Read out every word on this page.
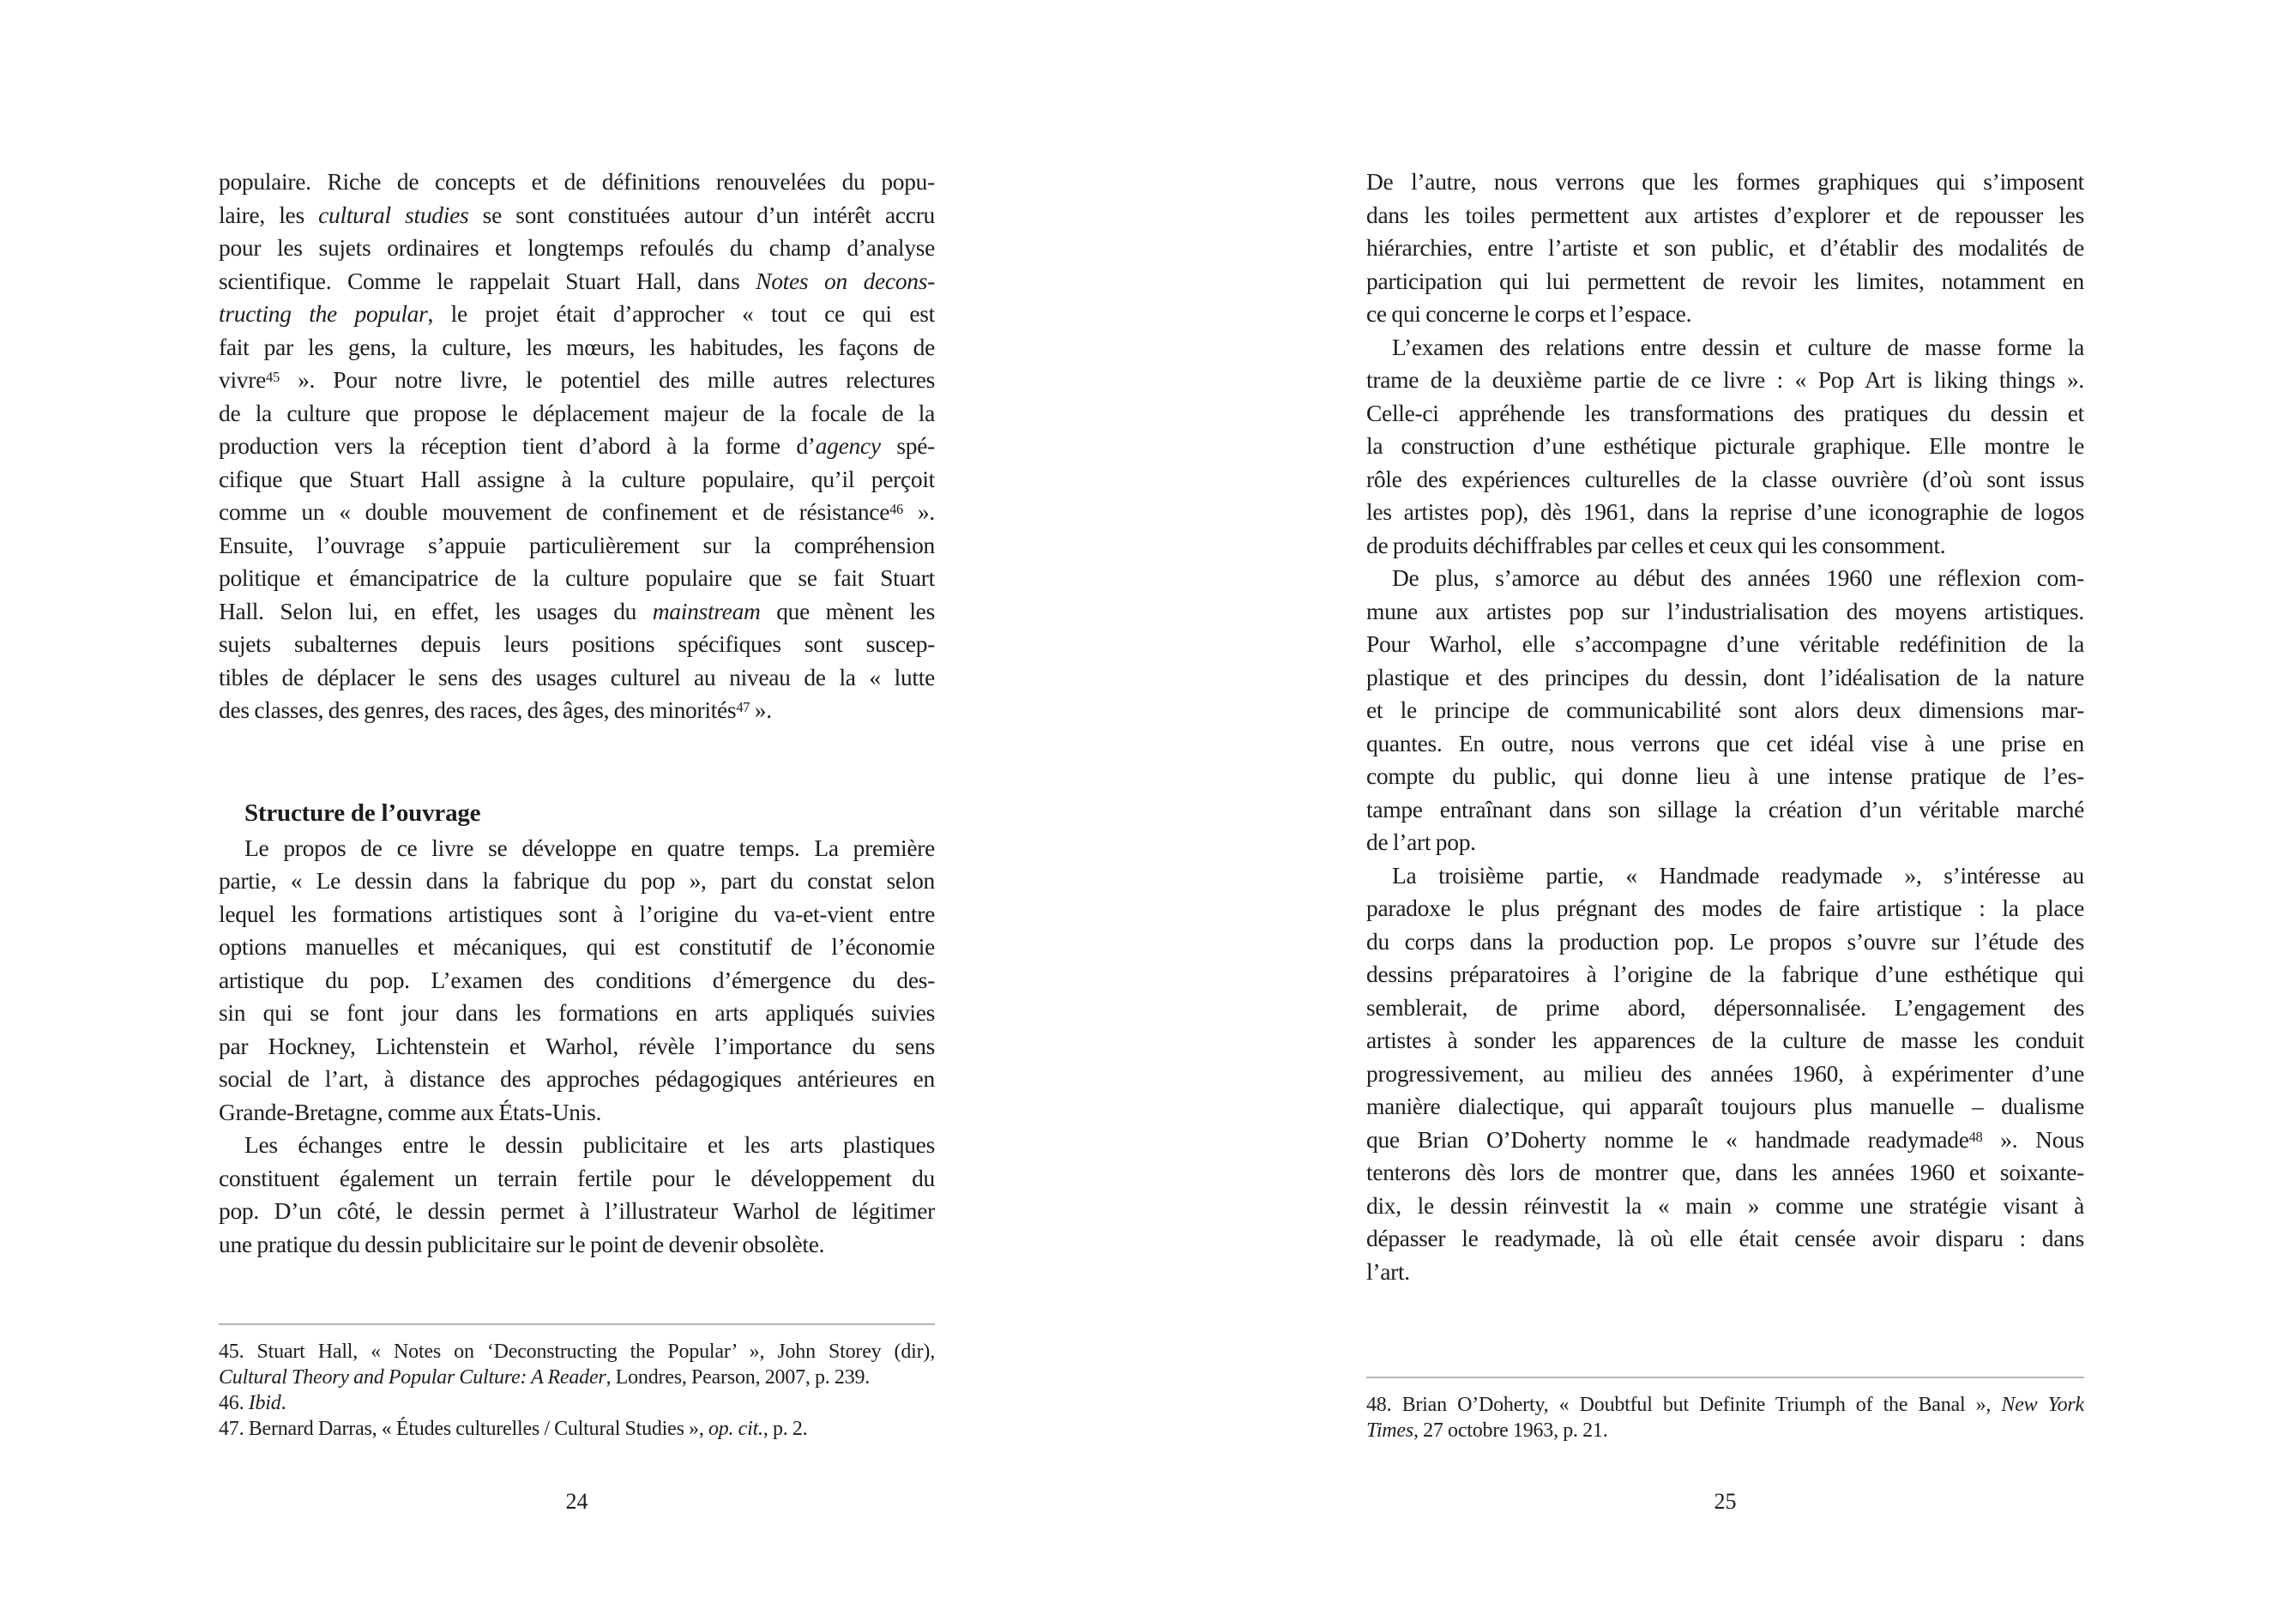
populaire. Riche de concepts et de définitions renouvelées du popu-
laire, les cultural studies se sont constituées autour d’un intérêt accru
pour les sujets ordinaires et longtemps refoulés du champ d’analyse
scientifique. Comme le rappelait Stuart Hall, dans Notes on decons-
tructing the popular, le projet était d’approcher « tout ce qui est
fait par les gens, la culture, les mœurs, les habitudes, les façons de
vivre$^{45}$ ». Pour notre livre, le potentiel des mille autres relectures
de la culture que propose le déplacement majeur de la focale de la
production vers la réception tient d’abord à la forme d’agency spé-
cifique que Stuart Hall assigne à la culture populaire, qu’il perçoit
comme un « double mouvement de confinement et de résistance$^{46}$ ».
Ensuite, l’ouvrage s’appuie particulièrement sur la compréhension
politique et émancipatrice de la culture populaire que se fait Stuart
Hall. Selon lui, en effet, les usages du mainstream que mènent les
sujets subalternes depuis leurs positions spécifiques sont suscep-
tibles de déplacer le sens des usages culturel au niveau de la « lutte
des classes, des genres, des races, des âges, des minorités$^{47}$ ».
Structure de l’ouvrage
Le propos de ce livre se développe en quatre temps. La première
partie, « Le dessin dans la fabrique du pop », part du constat selon
lequel les formations artistiques sont à l’origine du va-et-vient entre
options manuelles et mécaniques, qui est constitutif de l’économie
artistique du pop. L’examen des conditions d’émergence du des-
sin qui se font jour dans les formations en arts appliqués suivies
par Hockney, Lichtenstein et Warhol, révèle l’importance du sens
social de l’art, à distance des approches pédagogiques antérieures en
Grande-Bretagne, comme aux États-Unis.
Les échanges entre le dessin publicitaire et les arts plastiques
constituent également un terrain fertile pour le développement du
pop. D’un côté, le dessin permet à l’illustrateur Warhol de légitimer
une pratique du dessin publicitaire sur le point de devenir obsolète.
45. Stuart Hall, « Notes on ‘Deconstructing the Popular’ », John Storey (dir),
Cultural Theory and Popular Culture: A Reader, Londres, Pearson, 2007, p. 239.
46. Ibid.
47. Bernard Darras, « Études culturelles / Cultural Studies », op. cit., p. 2.
24
De l’autre, nous verrons que les formes graphiques qui s’imposent
dans les toiles permettent aux artistes d’explorer et de repousser les
hiérarchies, entre l’artiste et son public, et d’établir des modalités de
participation qui lui permettent de revoir les limites, notamment en
ce qui concerne le corps et l’espace.
L’examen des relations entre dessin et culture de masse forme la
trame de la deuxième partie de ce livre : « Pop Art is liking things ».
Celle-ci appréhende les transformations des pratiques du dessin et
la construction d’une esthétique picturale graphique. Elle montre le
rôle des expériences culturelles de la classe ouvrière (d’où sont issus
les artistes pop), dès 1961, dans la reprise d’une iconographie de logos
de produits déchiffrables par celles et ceux qui les consomment.
De plus, s’amorce au début des années 1960 une réflexion com-
mune aux artistes pop sur l’industrialisation des moyens artistiques.
Pour Warhol, elle s’accompagne d’une véritable redéfinition de la
plastique et des principes du dessin, dont l’idéalisation de la nature
et le principe de communicabilité sont alors deux dimensions mar-
quantes. En outre, nous verrons que cet idéal vise à une prise en
compte du public, qui donne lieu à une intense pratique de l’es-
tampe entraînant dans son sillage la création d’un véritable marché
de l’art pop.
La troisième partie, « Handmade readymade », s’intéresse au
paradoxe le plus prégnant des modes de faire artistique : la place
du corps dans la production pop. Le propos s’ouvre sur l’étude des
dessins préparatoires à l’origine de la fabrique d’une esthétique qui
semblerait, de prime abord, dépersonnalisée. L’engagement des
artistes à sonder les apparences de la culture de masse les conduit
progressivement, au milieu des années 1960, à expérimenter d’une
manière dialectique, qui apparaît toujours plus manuelle – dualisme
que Brian O’Doherty nomme le « handmade readymade$^{48}$ ». Nous
tenterons dès lors de montrer que, dans les années 1960 et soixante-
dix, le dessin réinvestit la « main » comme une stratégie visant à
dépasser le readymade, là où elle était censée avoir disparu : dans
l’art.
48. Brian O’Doherty, « Doubtful but Definite Triumph of the Banal », New York
Times, 27 octobre 1963, p. 21.
25
